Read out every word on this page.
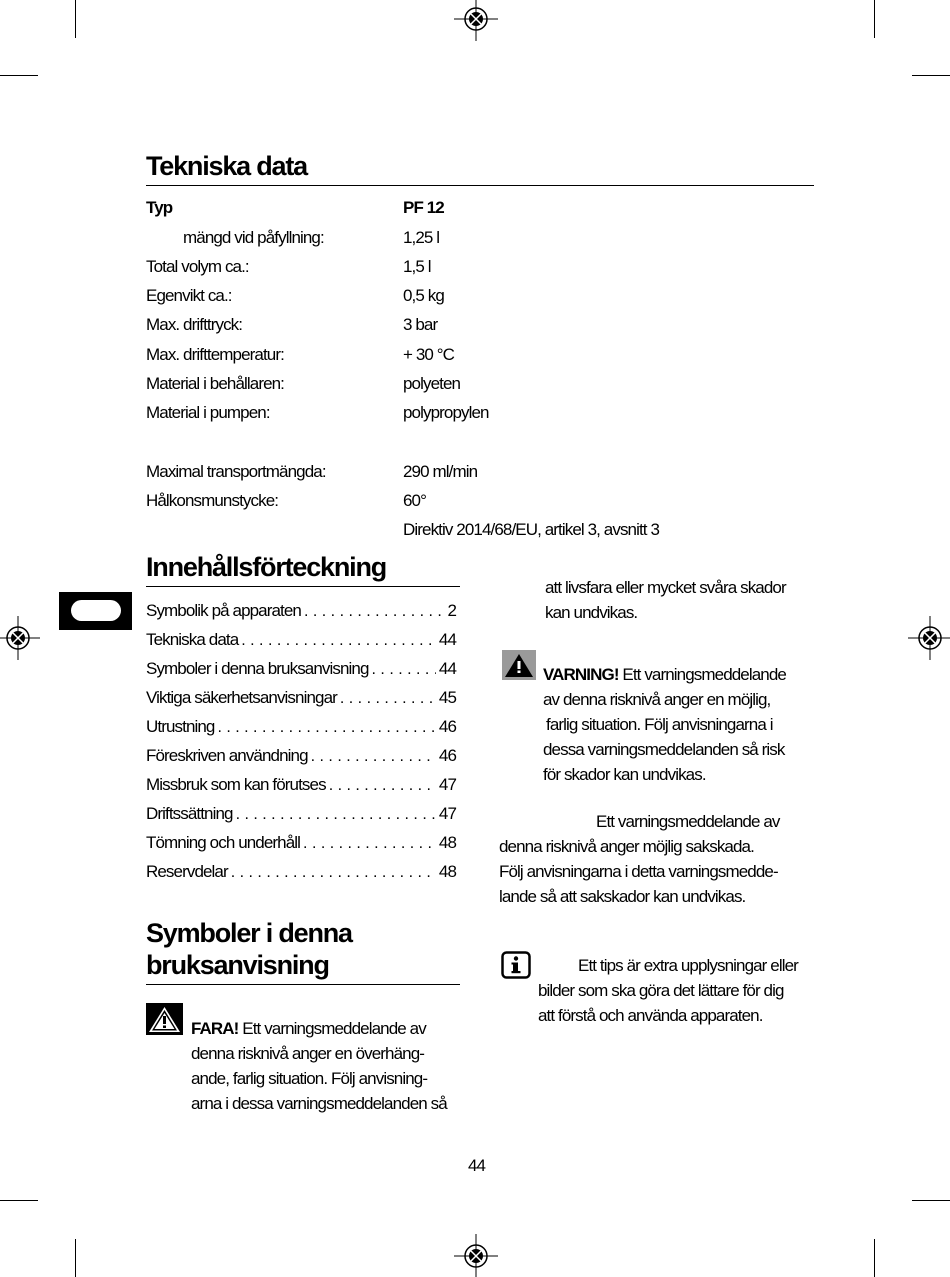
Tekniska data
Typ	PF 12
mängd vid påfyllning:	1,25 l
Total volym ca.:	1,5 l
Egenvikt ca.:	0,5 kg
Max. drifttryck:	3 bar
Max. drifttemperatur:	+ 30 °C
Material i behållaren:	polyeten
Material i pumpen:	polypropylen
Maximal transportmängda:	290 ml/min
Hålkonsmunstycke:	60°
Direktiv 2014/68/EU, artikel 3, avsnitt 3
Innehållsförteckning
Symbolik på apparaten . . .	2
Tekniska data . . .	44
Symboler i denna bruksanvisning . . .	44
Viktiga säkerhetsanvisningar . . .	45
Utrustning . . .	46
Föreskriven användning . . .	46
Missbruk som kan förutses . . .	47
Driftssättning . . .	47
Tömning och underhåll . . .	48
Reservdelar . . .	48
Symboler i denna
bruksanvisning
FARA! Ett varningsmeddelande av
denna risknivå anger en överhäng-
ande, farlig situation. Följ anvisning-
arna i dessa varningsmeddelanden så
att livsfara eller mycket svåra skador
kan undvikas.
VARNING! Ett varningsmeddelande
av denna risknivå anger en möjlig,
farlig situation. Följ anvisningarna i
dessa varningsmeddelanden så risk
för skador kan undvikas.
Ett varningsmeddelande av
denna risknivå anger möjlig sakskada.
Följ anvisningarna i detta varningsmedde-
lande så att sakskador kan undvikas.
Ett tips är extra upplysningar eller
bilder som ska göra det lättare för dig
att förstå och använda apparaten.
44
